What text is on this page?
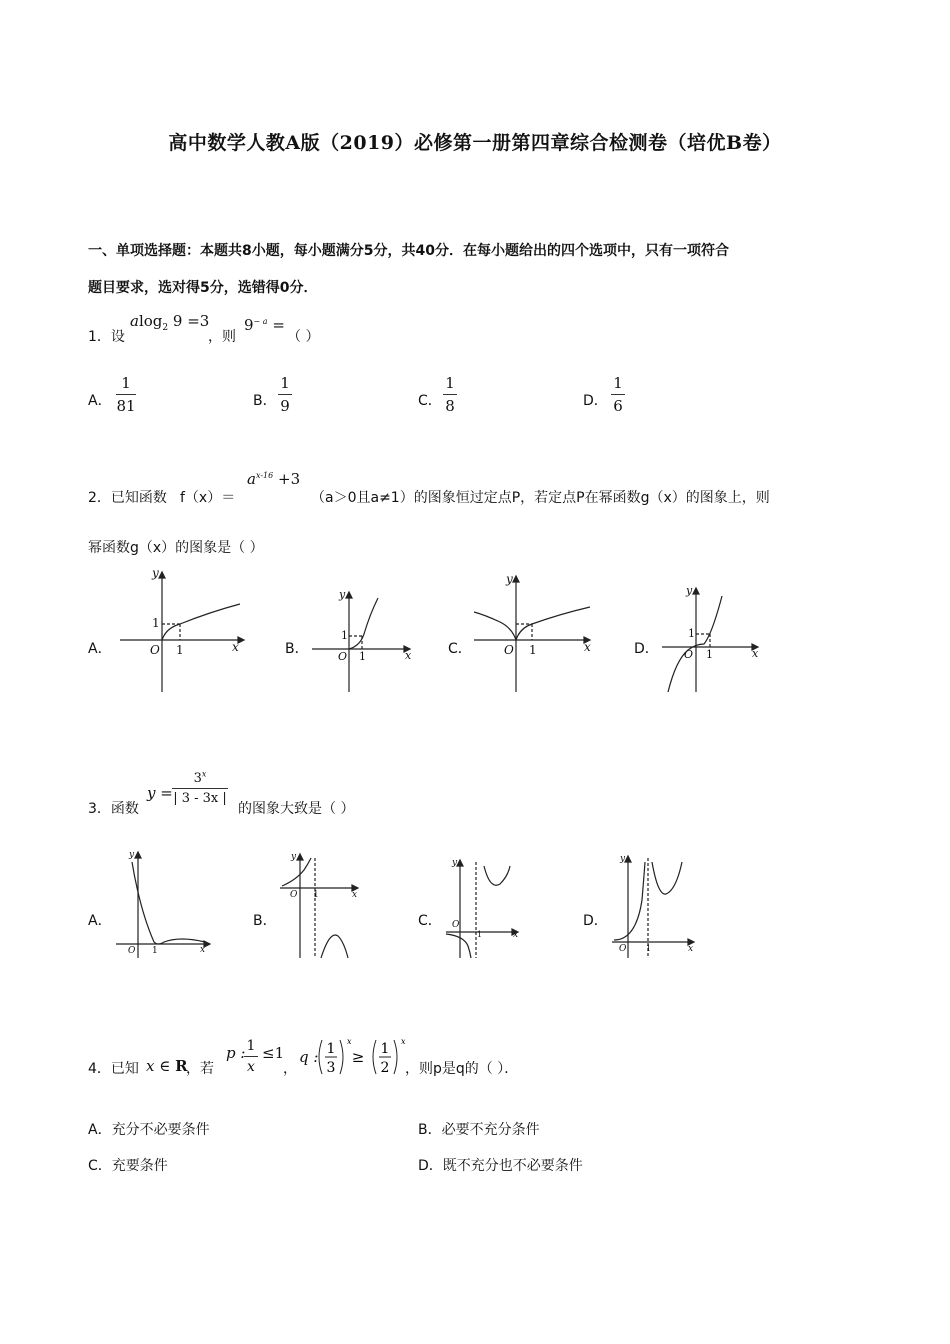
高中数学人教A版（2019）必修第一册第四章综合检测卷（培优B卷）
一、单项选择题：本题共8小题，每小题满分5分，共40分．在每小题给出的四个选项中，只有一项符合
题目要求，选对得5分，选错得0分．
1．设
alog$_2$ 9 =3
，则
$9^{- a}$ =
（ ）
A．
1
81	B．
1
9	C．
1
8	D．
1
6
2．已知函数 f（x）＝
$a^{x-16} +3$
（a＞0且a≠1）的图象恒过定点P，若定点P在幂函数g（x）的图象上，则
幂函数g（x）的图象是（ ）
A．	B．	C．	D．
y
x
O 1
1
y
x
O 1
1
y
x
O 1
y
x
O 1
1
3．函数
y =
$3^x$
| 3 - 3x |
的图象大致是（ ）
A．	B．	C．	D．
y
x
O 1
y
x
O 1
y
x
O
1
y
x
O 1
4．已知 x ∈ R
，若
p : 1
x
≤1
，
q : 1
3
x
≥ 1
2
x
，则p是q的（ ）．
A．充分不必要条件	B．必要不充分条件
C．充要条件	D．既不充分也不必要条件
